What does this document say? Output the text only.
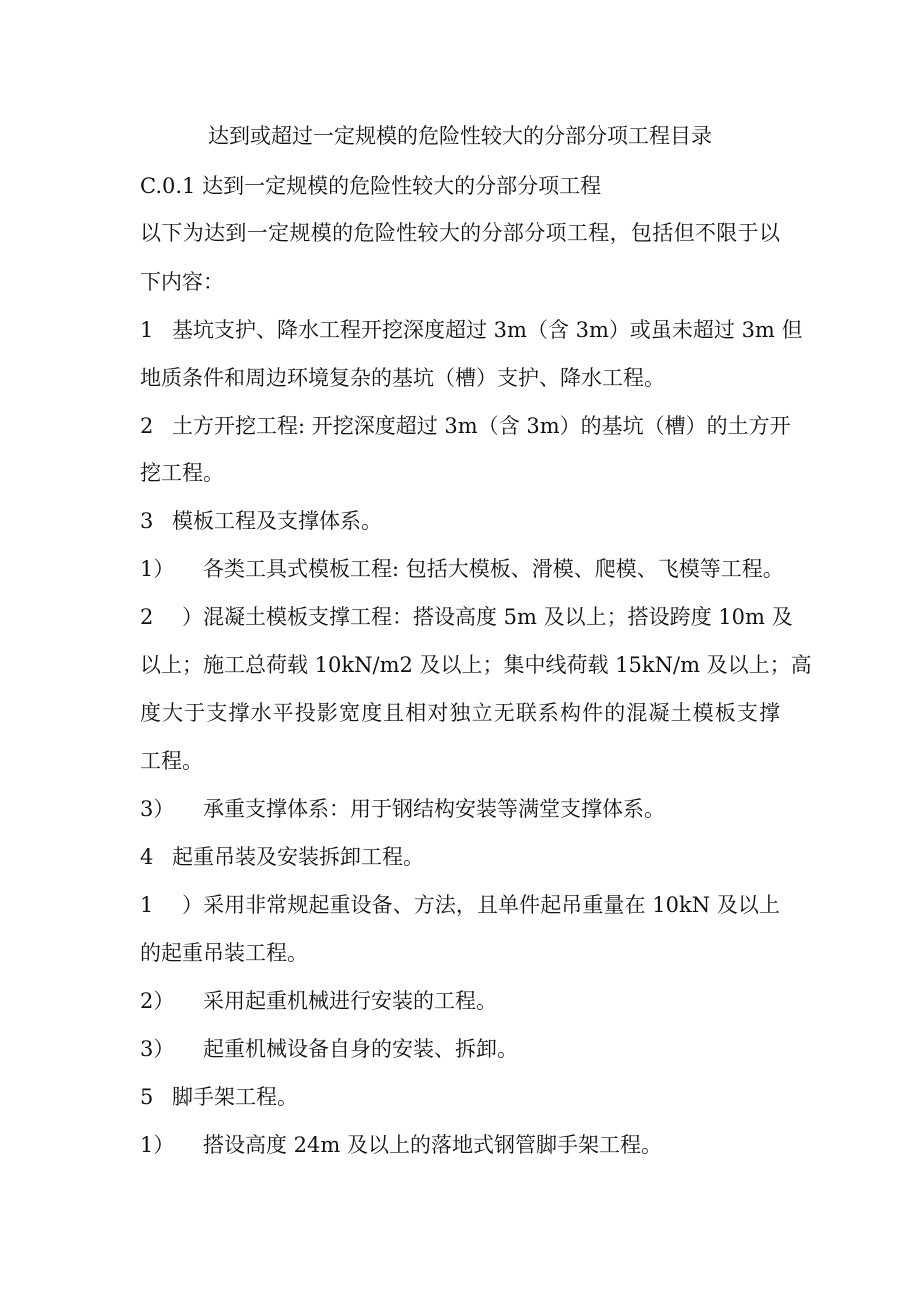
达到或超过一定规模的危险性较大的分部分项工程目录
C.0.1 达到一定规模的危险性较大的分部分项工程
以下为达到一定规模的危险性较大的分部分项工程，包括但不限于以
下内容：
1 基坑支护、降水工程开挖深度超过 3m（含 3m）或虽未超过 3m 但
地质条件和周边环境复杂的基坑（槽）支护、降水工程。
2 土方开挖工程: 开挖深度超过 3m（含 3m）的基坑（槽）的土方开
挖工程。
3 模板工程及支撑体系。
1） 各类工具式模板工程: 包括大模板、滑模、爬模、飞模等工程。
2）混凝土模板支撑工程：搭设高度 5m 及以上；搭设跨度 10m 及
以上；施工总荷载 10kN/m2 及以上；集中线荷载 15kN/m 及以上；高
度大于支撑水平投影宽度且相对独立无联系构件的混凝土模板支撑
工程。
3） 承重支撑体系：用于钢结构安装等满堂支撑体系。
4 起重吊装及安装拆卸工程。
1）采用非常规起重设备、方法，且单件起吊重量在 10kN 及以上
的起重吊装工程。
2） 采用起重机械进行安装的工程。
3） 起重机械设备自身的安装、拆卸。
5 脚手架工程。
1） 搭设高度 24m 及以上的落地式钢管脚手架工程。
